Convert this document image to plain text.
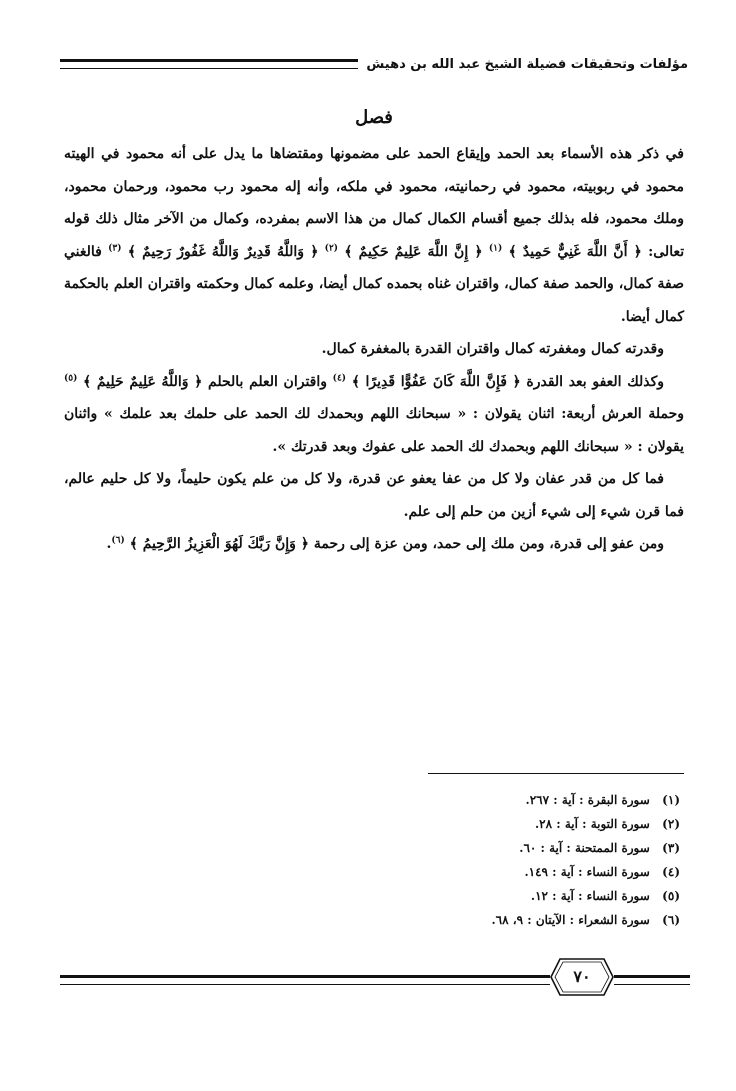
مؤلفات وتحقيقات فضيلة الشيخ عبد الله بن دهيش

فصل

في ذكر هذه الأسماء بعد الحمد وإيقاع الحمد على مضمونها ومقتضاها ما يدل على أنه محمود في الهيته محمود في ربوبيته، محمود في رحمانيته، محمود في ملكه، وأنه إله محمود رب محمود، ورحمان محمود، وملك محمود، فله بذلك جميع أقسام الكمال كمال من هذا الاسم بمفرده، وكمال من الآخر مثال ذلك قوله تعالى: ﴿ أَنَّ اللَّهَ غَنِيٌّ حَمِيدٌ ﴾ $^{(١)}$ ﴿ إِنَّ اللَّهَ عَلِيمٌ حَكِيمٌ ﴾ $^{(٢)}$ ﴿ وَاللَّهُ قَدِيرٌ وَاللَّهُ غَفُورٌ رَحِيمٌ ﴾ $^{(٣)}$ فالغني صفة كمال، والحمد صفة كمال، واقتران غناه بحمده كمال أيضا، وعلمه كمال وحكمته واقتران العلم بالحكمة كمال أيضا.

وقدرته كمال ومغفرته كمال واقتران القدرة بالمغفرة كمال.

وكذلك العفو بعد القدرة ﴿ فَإِنَّ اللَّهَ كَانَ عَفُوًّا قَدِيرًا ﴾ $^{(٤)}$ واقتران العلم بالحلم ﴿ وَاللَّهُ عَلِيمٌ حَلِيمٌ ﴾ $^{(٥)}$ وحملة العرش أربعة: اثنان يقولان : « سبحانك اللهم وبحمدك لك الحمد على حلمك بعد علمك » واثنان يقولان : « سبحانك اللهم وبحمدك لك الحمد على عفوك وبعد قدرتك ».

فما كل من قدر عفان ولا كل من عفا يعفو عن قدرة، ولا كل من علم يكون حليماً، ولا كل حليم عالم، فما قرن شيء إلى شيء أزين من حلم إلى علم.

ومن عفو إلى قدرة، ومن ملك إلى حمد، ومن عزة إلى رحمة ﴿ وَإِنَّ رَبَّكَ لَهُوَ الْعَزِيزُ الرَّحِيمُ ﴾ $^{(٦)}$.

(١) سورة البقرة : آية : ٢٦٧.
(٢) سورة التوبة : آية : ٢٨.
(٣) سورة الممتحنة : آية : ٦٠.
(٤) سورة النساء : آية : ١٤٩.
(٥) سورة النساء : آية : ١٢.
(٦) سورة الشعراء : الآيتان : ٩، ٦٨.
٧٠
